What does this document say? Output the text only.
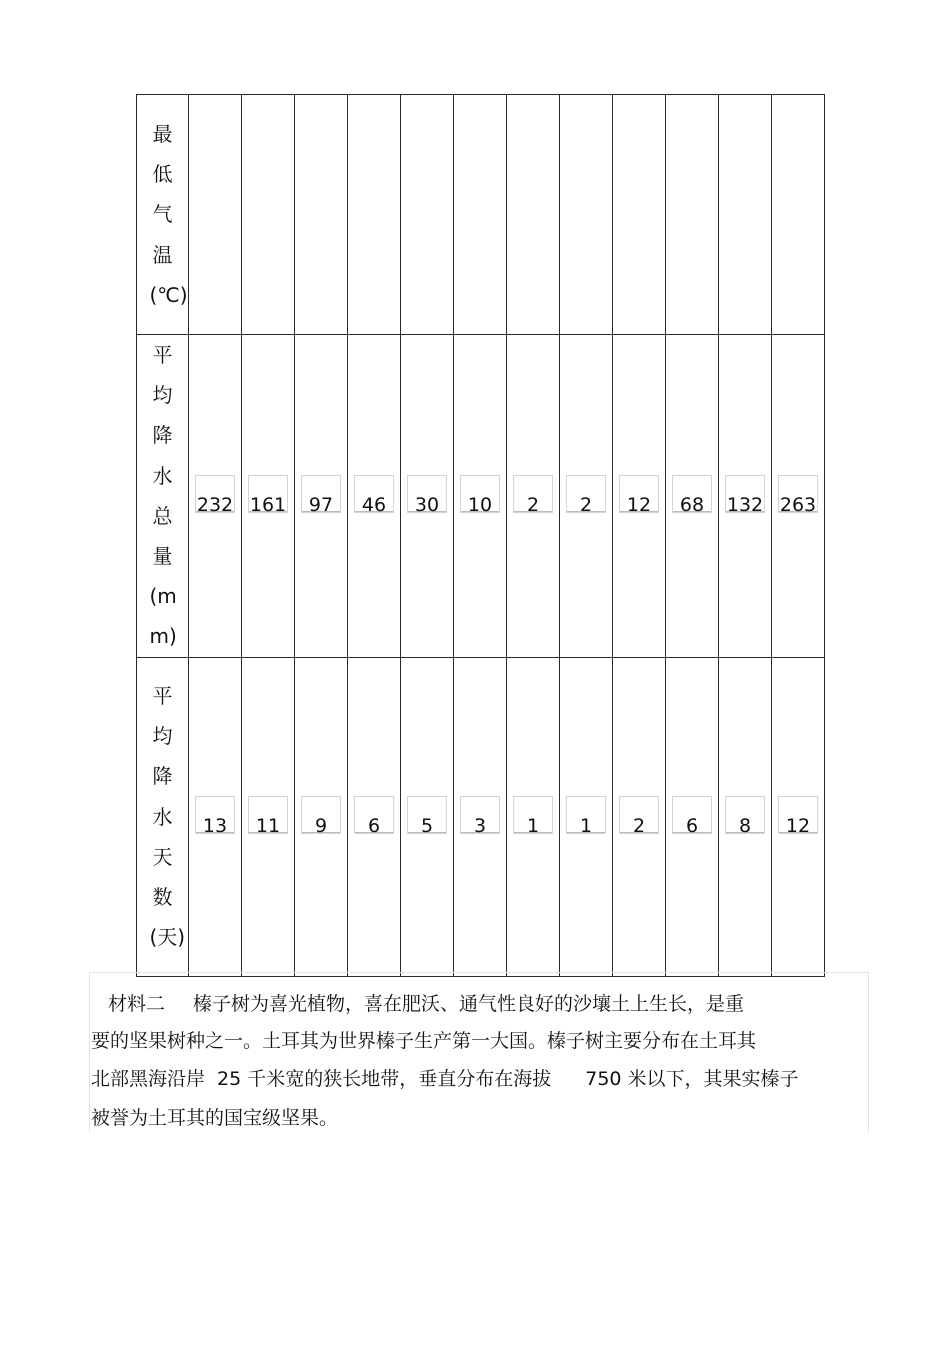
最低气温(℃)												

平均降水总量(mm)	232	161	97	46	30	10	2	2	12	68	132	263

平均降水天数(天)	13	11	9	6	5	3	1	1	2	6	8	12
材料二 榛子树为喜光植物，喜在肥沃、通气性良好的沙壤土上生长，是重
要的坚果树种之一。土耳其为世界榛子生产第一大国。榛子树主要分布在土耳其
北部黑海沿岸 25 千米宽的狭长地带，垂直分布在海拔 750 米以下，其果实榛子
被誉为土耳其的国宝级坚果。
